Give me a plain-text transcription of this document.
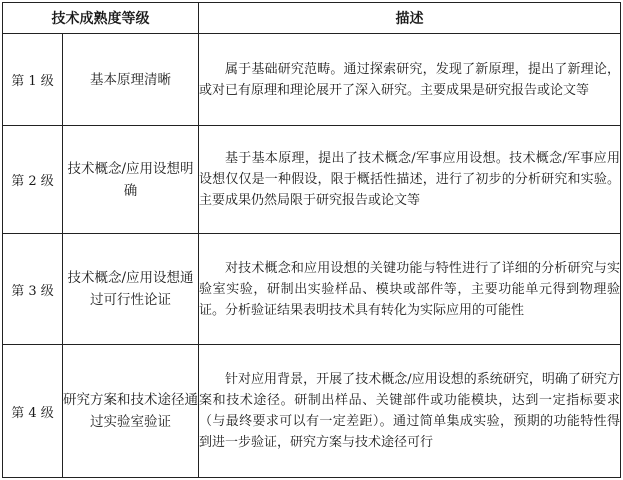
技术成熟度等级		描述
第 1 级	基本原理清晰	属于基础研究范畴。通过探索研究，发现了新原理，提出了新理论，或对已有原理和理论展开了深入研究。主要成果是研究报告或论文等
第 2 级	技术概念/应用设想明确	基于基本原理，提出了技术概念/军事应用设想。技术概念/军事应用设想仅仅是一种假设，限于概括性描述，进行了初步的分析研究和实验。主要成果仍然局限于研究报告或论文等
第 3 级	技术概念/应用设想通过可行性论证	对技术概念和应用设想的关键功能与特性进行了详细的分析研究与实验室实验，研制出实验样品、模块或部件等，主要功能单元得到物理验证。分析验证结果表明技术具有转化为实际应用的可能性
第 4 级	研究方案和技术途径通过实验室验证	针对应用背景，开展了技术概念/应用设想的系统研究，明确了研究方案和技术途径。研制出样品、关键部件或功能模块，达到一定指标要求（与最终要求可以有一定差距）。通过简单集成实验，预期的功能特性得到进一步验证，研究方案与技术途径可行
